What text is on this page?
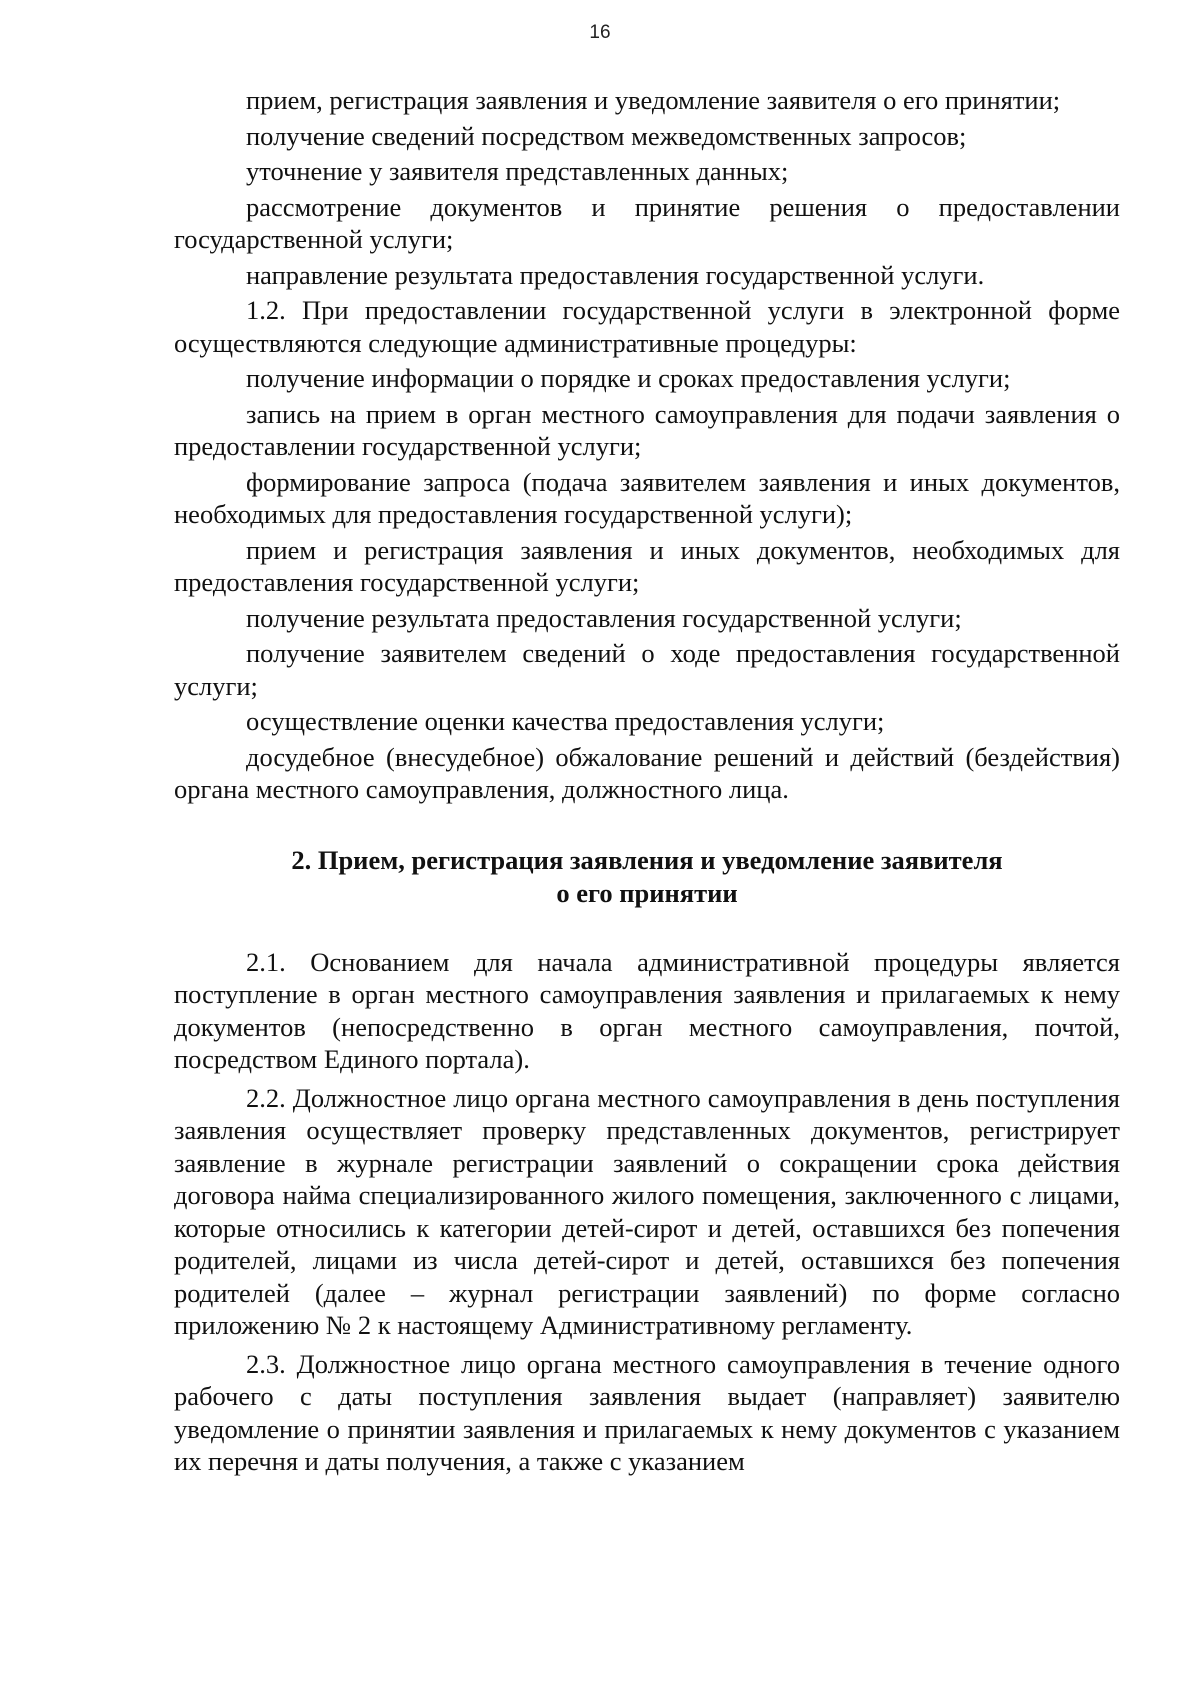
16

прием, регистрация заявления и уведомление заявителя о его принятии;

получение сведений посредством межведомственных запросов;

уточнение у заявителя представленных данных;

рассмотрение документов и принятие решения о предоставлении государственной услуги;

направление результата предоставления государственной услуги.

1.2. При предоставлении государственной услуги в электронной форме осуществляются следующие административные процедуры:

получение информации о порядке и сроках предоставления услуги;

запись на прием в орган местного самоуправления для подачи заявления о предоставлении государственной услуги;

формирование запроса (подача заявителем заявления и иных документов, необходимых для предоставления государственной услуги);

прием и регистрация заявления и иных документов, необходимых для предоставления государственной услуги;

получение результата предоставления государственной услуги;

получение заявителем сведений о ходе предоставления государственной услуги;

осуществление оценки качества предоставления услуги;

досудебное (внесудебное) обжалование решений и действий (бездействия) органа местного самоуправления, должностного лица.

2. Прием, регистрация заявления и уведомление заявителя
о его принятии

2.1. Основанием для начала административной процедуры является поступление в орган местного самоуправления заявления и прилагаемых к нему документов (непосредственно в орган местного самоуправления, почтой, посредством Единого портала).

2.2. Должностное лицо органа местного самоуправления в день поступления заявления осуществляет проверку представленных документов, регистрирует заявление в журнале регистрации заявлений о сокращении срока действия договора найма специализированного жилого помещения, заключенного с лицами, которые относились к категории детей-сирот и детей, оставшихся без попечения родителей, лицами из числа детей-сирот и детей, оставшихся без попечения родителей (далее – журнал регистрации заявлений) по форме согласно приложению № 2 к настоящему Административному регламенту.

2.3. Должностное лицо органа местного самоуправления в течение одного рабочего с даты поступления заявления выдает (направляет) заявителю уведомление о принятии заявления и прилагаемых к нему документов с указанием их перечня и даты получения, а также с указанием
